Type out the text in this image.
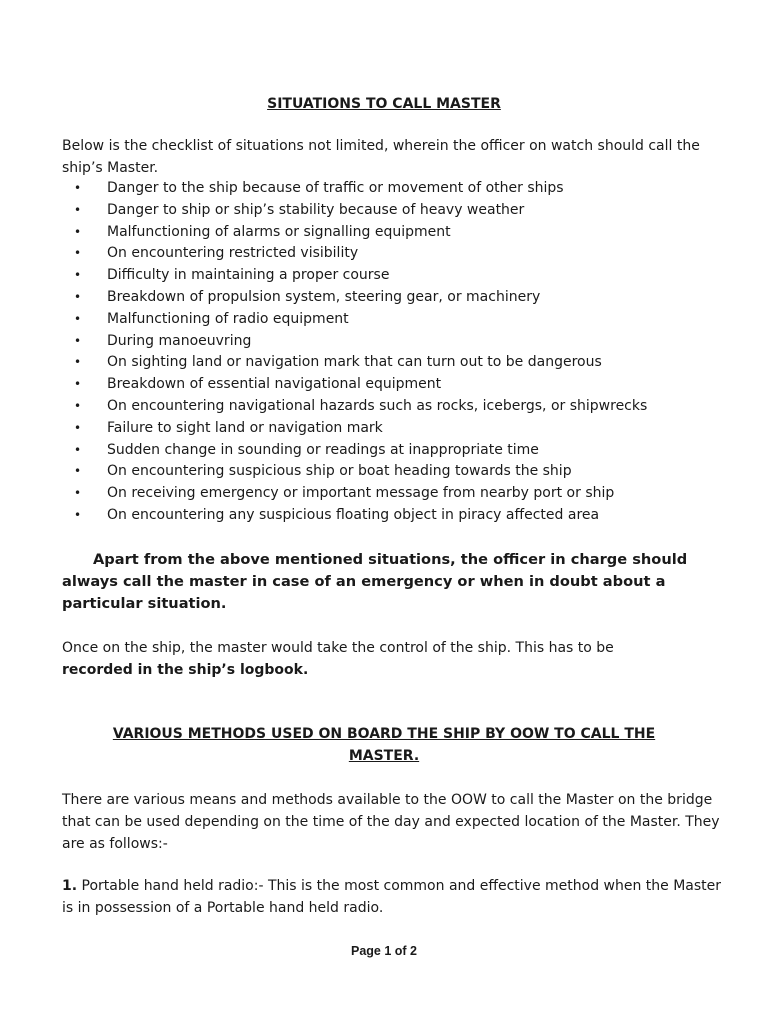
SITUATIONS TO CALL MASTER

Below is the checklist of situations not limited, wherein the officer on watch should call the ship’s Master.

• Danger to the ship because of traffic or movement of other ships
• Danger to ship or ship’s stability because of heavy weather
• Malfunctioning of alarms or signalling equipment
• On encountering restricted visibility
• Difficulty in maintaining a proper course
• Breakdown of propulsion system, steering gear, or machinery
• Malfunctioning of radio equipment
• During manoeuvring
• On sighting land or navigation mark that can turn out to be dangerous
• Breakdown of essential navigational equipment
• On encountering navigational hazards such as rocks, icebergs, or shipwrecks
• Failure to sight land or navigation mark
• Sudden change in sounding or readings at inappropriate time
• On encountering suspicious ship or boat heading towards the ship
• On receiving emergency or important message from nearby port or ship
• On encountering any suspicious floating object in piracy affected area

Apart from the above mentioned situations, the officer in charge should always call the master in case of an emergency or when in doubt about a particular situation.

Once on the ship, the master would take the control of the ship. This has to be
recorded in the ship’s logbook.

VARIOUS METHODS USED ON BOARD THE SHIP BY OOW TO CALL THE MASTER.

There are various means and methods available to the OOW to call the Master on the bridge that can be used depending on the time of the day and expected location of the Master. They are as follows:-

1. Portable hand held radio:- This is the most common and effective method when the Master is in possession of a Portable hand held radio.

Page 1 of 2
